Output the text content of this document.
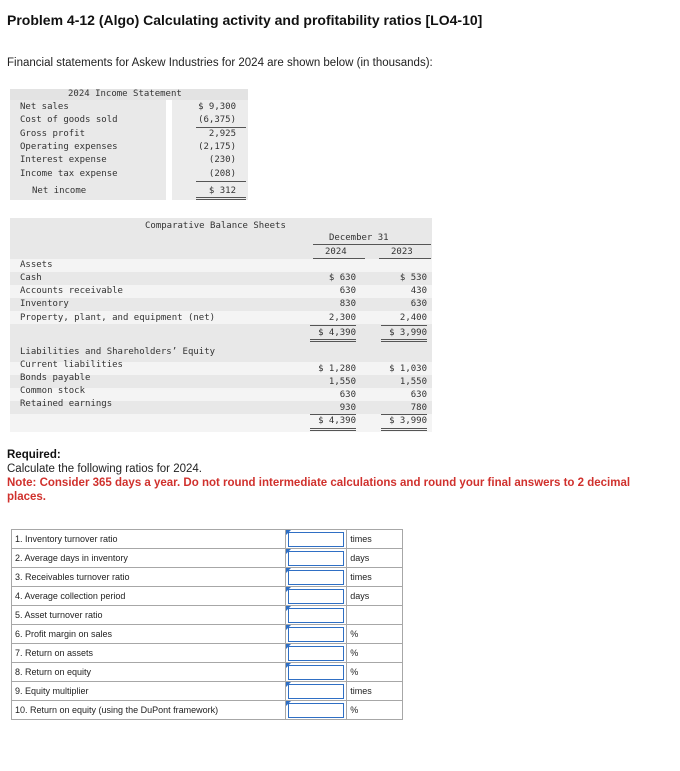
Problem 4-12 (Algo) Calculating activity and profitability ratios [LO4-10]
Financial statements for Askew Industries for 2024 are shown below (in thousands):
2024 Income Statement
Net sales	$ 9,300
Cost of goods sold	(6,375)
Gross profit	2,925
Operating expenses	(2,175)
Interest expense	(230)
Income tax expense	(208)
Net income	$ 312
Comparative Balance Sheets
December 31
2024	2023
Assets
Cash	$ 630	$ 530
Accounts receivable	630	430
Inventory	830	630
Property, plant, and equipment (net)	2,300	2,400
$ 4,390	$ 3,990
Liabilities and Shareholders’ Equity
Current liabilities	$ 1,280	$ 1,030
Bonds payable	1,550	1,550
Common stock	630	630
Retained earnings	930	780
$ 4,390	$ 3,990
Required:
Calculate the following ratios for 2024.
Note: Consider 365 days a year. Do not round intermediate calculations and round your final answers to 2 decimal places.
1. Inventory turnover ratio		times
2. Average days in inventory		days
3. Receivables turnover ratio		times
4. Average collection period		days
5. Asset turnover ratio	

6. Profit margin on sales		%
7. Return on assets		%
8. Return on equity		%
9. Equity multiplier		times
10. Return on equity (using the DuPont framework)		%
